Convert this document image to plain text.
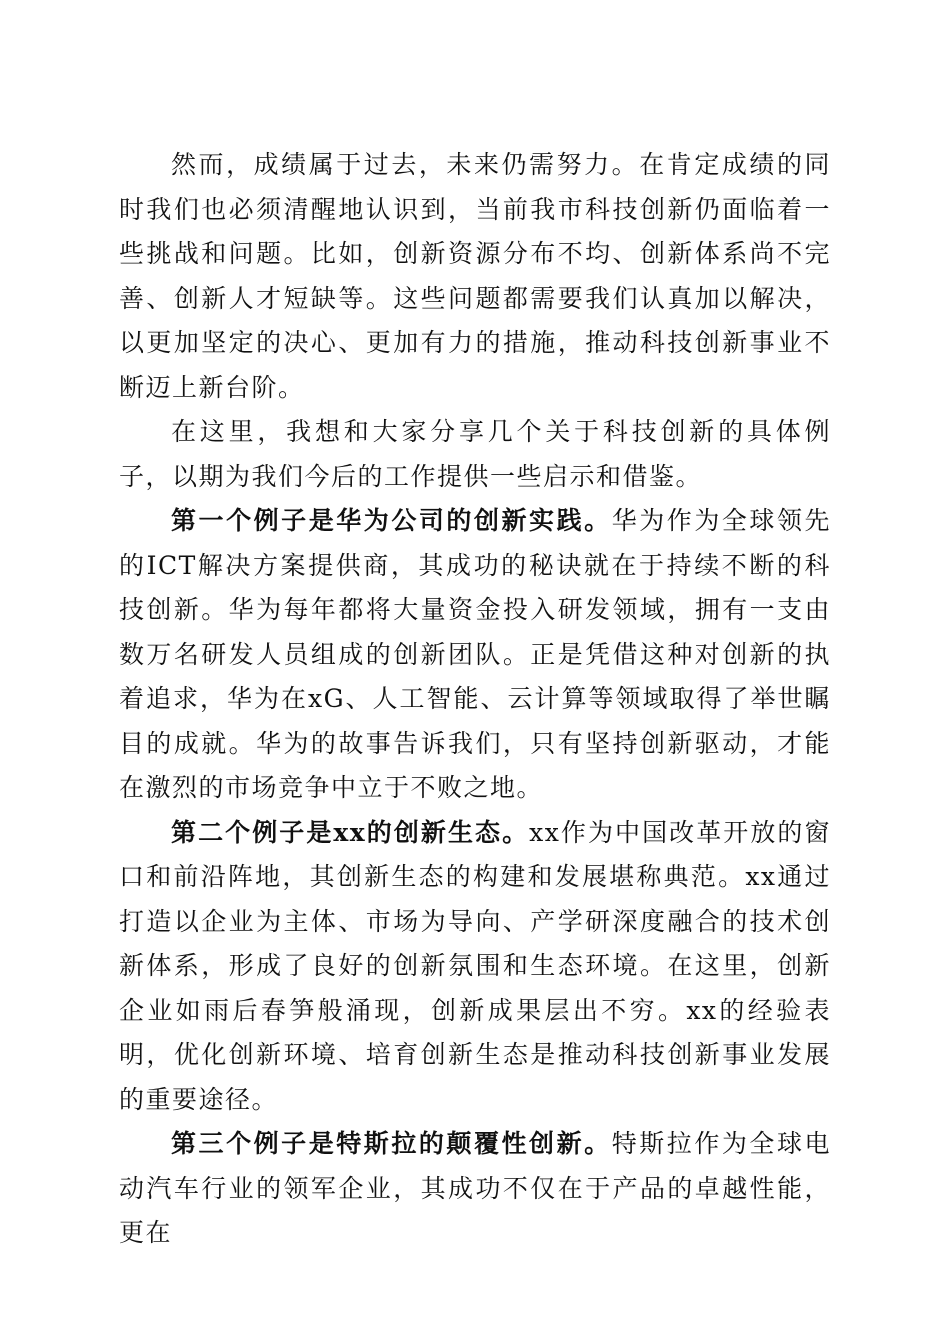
然而，成绩属于过去，未来仍需努力。在肯定成绩的同时我们也必须清醒地认识到，当前我市科技创新仍面临着一些挑战和问题。比如，创新资源分布不均、创新体系尚不完善、创新人才短缺等。这些问题都需要我们认真加以解决，以更加坚定的决心、更加有力的措施，推动科技创新事业不断迈上新台阶。

在这里，我想和大家分享几个关于科技创新的具体例子，以期为我们今后的工作提供一些启示和借鉴。

第一个例子是华为公司的创新实践。华为作为全球领先的ICT解决方案提供商，其成功的秘诀就在于持续不断的科技创新。华为每年都将大量资金投入研发领域，拥有一支由数万名研发人员组成的创新团队。正是凭借这种对创新的执着追求，华为在xG、人工智能、云计算等领域取得了举世瞩目的成就。华为的故事告诉我们，只有坚持创新驱动，才能在激烈的市场竞争中立于不败之地。

第二个例子是xx的创新生态。xx作为中国改革开放的窗口和前沿阵地，其创新生态的构建和发展堪称典范。xx通过打造以企业为主体、市场为导向、产学研深度融合的技术创新体系，形成了良好的创新氛围和生态环境。在这里，创新企业如雨后春笋般涌现，创新成果层出不穷。xx的经验表明，优化创新环境、培育创新生态是推动科技创新事业发展的重要途径。

第三个例子是特斯拉的颠覆性创新。特斯拉作为全球电动汽车行业的领军企业，其成功不仅在于产品的卓越性能，更在
